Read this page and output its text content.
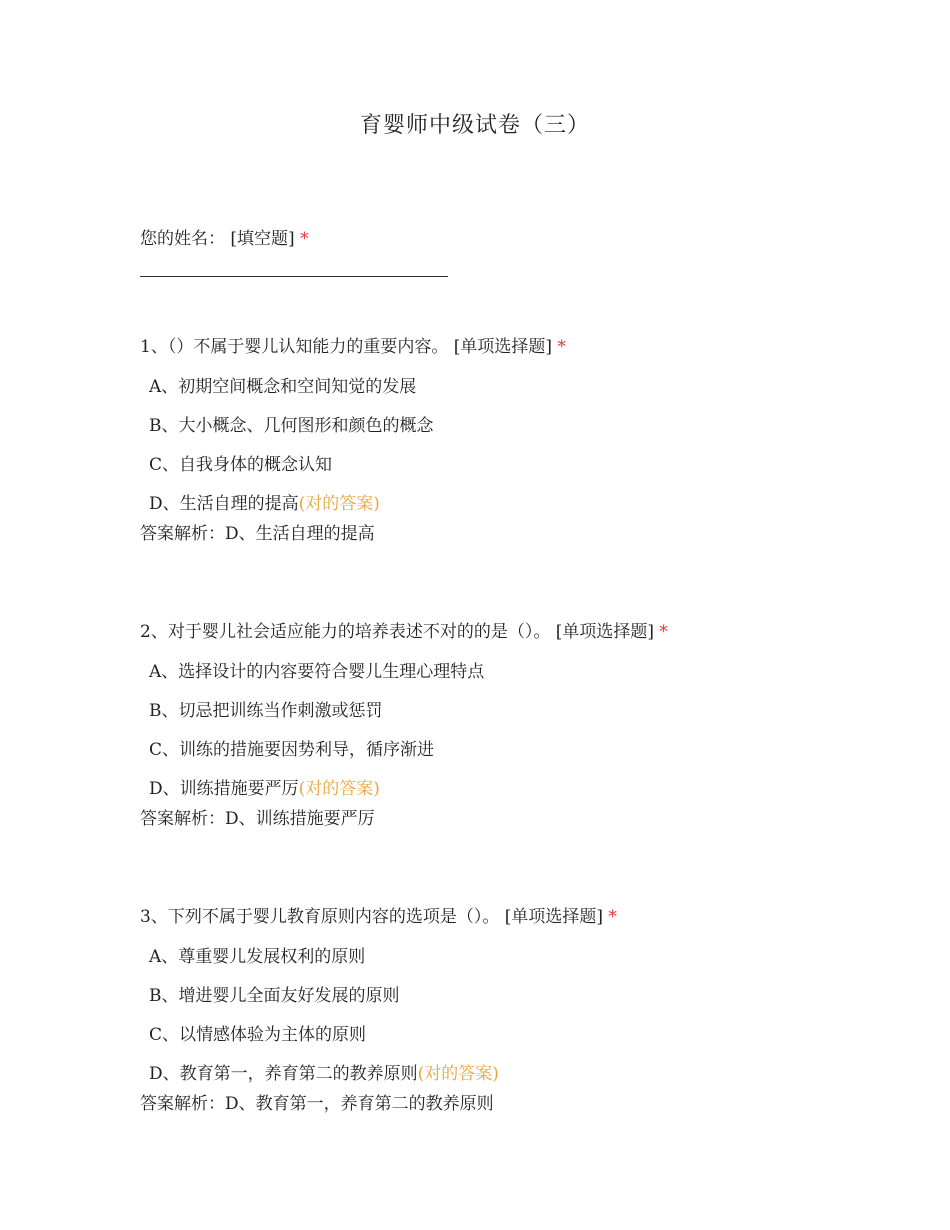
育婴师中级试卷（三）
您的姓名： [填空题] *
1、（）不属于婴儿认知能力的重要内容。 [单项选择题] *
A、初期空间概念和空间知觉的发展
B、大小概念、几何图形和颜色的概念
C、自我身体的概念认知
D、生活自理的提高(对的答案)
答案解析：D、生活自理的提高
2、对于婴儿社会适应能力的培养表述不对的的是（）。 [单项选择题] *
A、选择设计的内容要符合婴儿生理心理特点
B、切忌把训练当作刺激或惩罚
C、训练的措施要因势利导，循序渐进
D、训练措施要严厉(对的答案)
答案解析：D、训练措施要严厉
3、下列不属于婴儿教育原则内容的选项是（）。 [单项选择题] *
A、尊重婴儿发展权利的原则
B、增进婴儿全面友好发展的原则
C、以情感体验为主体的原则
D、教育第一，养育第二的教养原则(对的答案)
答案解析：D、教育第一，养育第二的教养原则
